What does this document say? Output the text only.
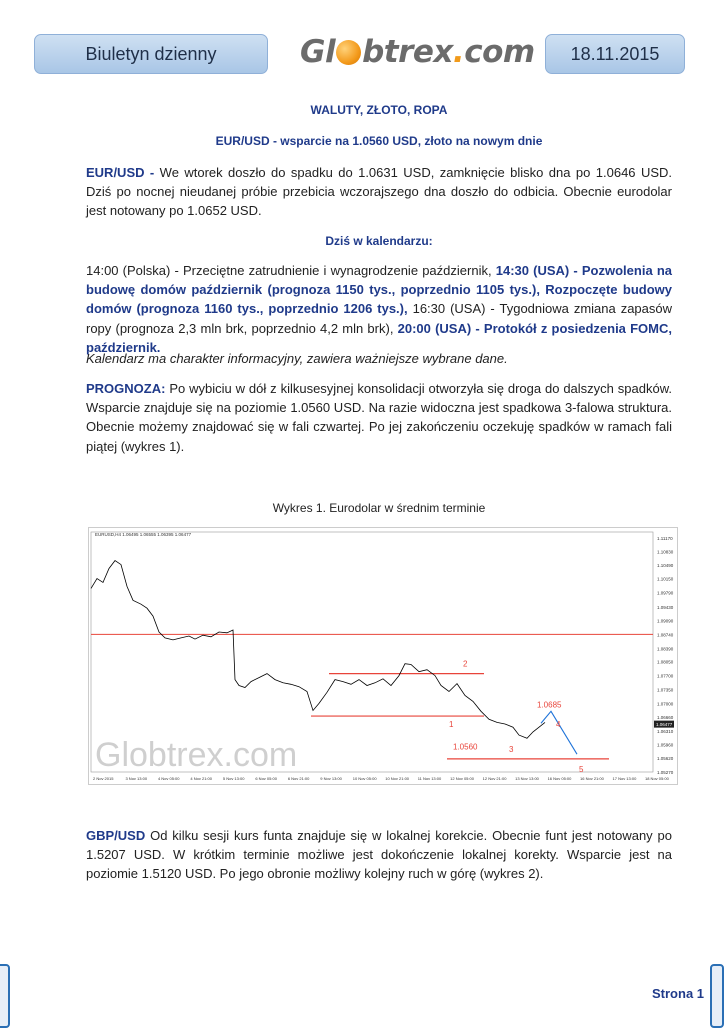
Biuletyn dzienny	Gl btrex.com 18.11.2015
WALUTY, ZŁOTO, ROPA
EUR/USD - wsparcie na 1.0560 USD, złoto na nowym dnie
EUR/USD - We wtorek doszło do spadku do 1.0631 USD, zamknięcie blisko dna po 1.0646 USD. Dziś po nocnej nieudanej próbie przebicia wczorajszego dna doszło do odbicia. Obecnie eurodolar jest notowany po 1.0652 USD.
Dziś w kalendarzu:
14:00 (Polska) - Przeciętne zatrudnienie i wynagrodzenie październik, 14:30 (USA) - Pozwolenia na budowę domów październik (prognoza 1150 tys., poprzednio 1105 tys.), Rozpoczęte budowy domów (prognoza 1160 tys., poprzednio 1206 tys.), 16:30 (USA) - Tygodniowa zmiana zapasów ropy (prognoza 2,3 mln brk, poprzednio 4,2 mln brk), 20:00 (USA) - Protokół z posiedzenia FOMC, październik.
Kalendarz ma charakter informacyjny, zawiera ważniejsze wybrane dane.
PROGNOZA: Po wybiciu w dół z kilkusesyjnej konsolidacji otworzyła się droga do dalszych spadków. Wsparcie znajduje się na poziomie 1.0560 USD. Na razie widoczna jest spadkowa 3-falowa struktura. Obecnie możemy znajdować się w fali czwartej. Po jej zakończeniu oczekuję spadków w ramach fali piątej (wykres 1).
Wykres 1. Eurodolar w średnim terminie
Globtrex.com
EURUSD,H4 1.06495 1.06555 1.06395 1.06477
1.11170
1.10830
1.10490
1.10150
1.09790
1.09430
1.09090
1.08740
1.08390
1.08050
1.07700
1.07350
1.07000
1.06660
1.06310
1.05960
1.05620
1.05270
1.06477
2 Nov 2015	3 Nov 13:00	4 Nov 05:00	4 Nov 21:00	5 Nov 13:00	6 Nov 05:00	6 Nov 21:00	9 Nov 13:00	10 Nov 05:00 10 Nov 21:00 11 Nov 13:00 12 Nov 05:00 12 Nov 21:00 13 Nov 13:00 16 Nov 05:00 16 Nov 21:00 17 Nov 13:00 18 Nov 05:00
1.0685
1.0560
1
2
3
4
5
GBP/USD Od kilku sesji kurs funta znajduje się w lokalnej korekcie. Obecnie funt jest notowany po 1.5207 USD. W krótkim terminie możliwe jest dokończenie lokalnej korekty. Wsparcie jest na poziomie 1.5120 USD. Po jego obronie możliwy kolejny ruch w górę (wykres 2).
Strona 1
